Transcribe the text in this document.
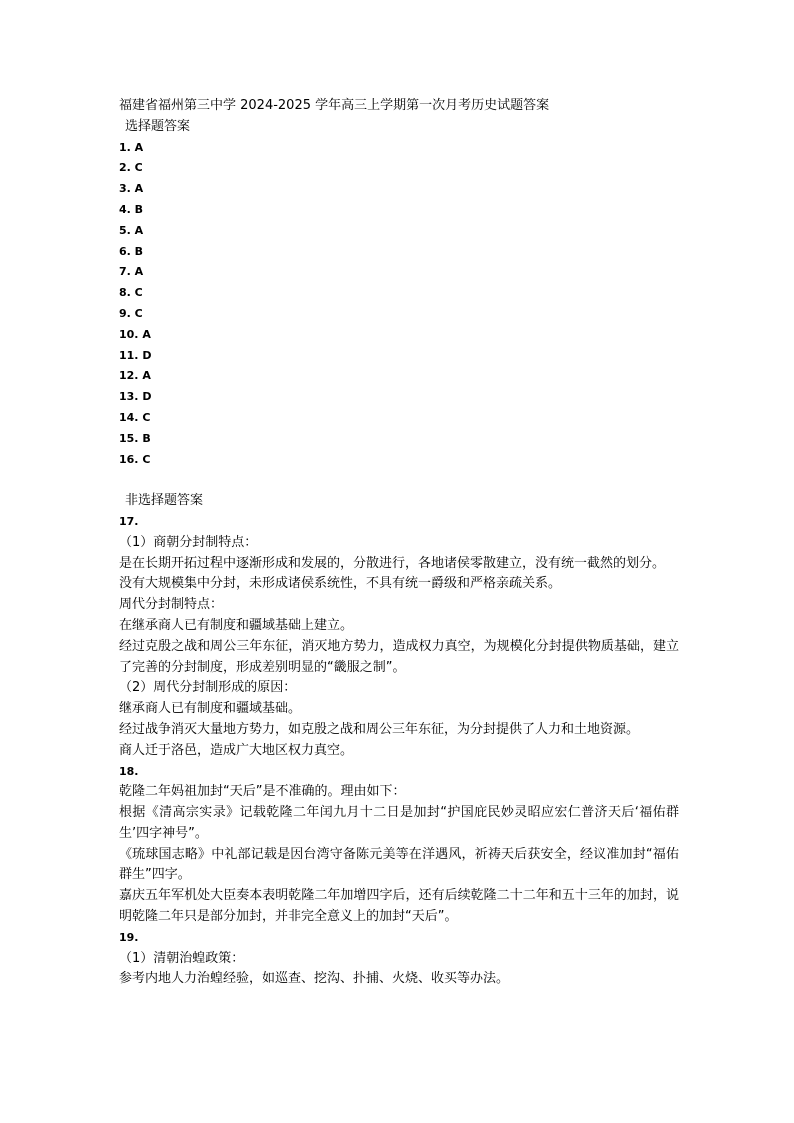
福建省福州第三中学 2024-2025 学年高三上学期第一次月考历史试题答案
选择题答案
1. A
2. C
3. A
4. B
5. A
6. B
7. A
8. C
9. C
10. A
11. D
12. A
13. D
14. C
15. B
16. C
非选择题答案

17.

（1）商朝分封制特点：

是在长期开拓过程中逐渐形成和发展的，分散进行，各地诸侯零散建立，没有统一截然的划分。

没有大规模集中分封，未形成诸侯系统性，不具有统一爵级和严格亲疏关系。

周代分封制特点：

在继承商人已有制度和疆域基础上建立。

经过克殷之战和周公三年东征，消灭地方势力，造成权力真空，为规模化分封提供物质基础，建立了完善的分封制度，形成差别明显的“畿服之制”。

（2）周代分封制形成的原因：

继承商人已有制度和疆域基础。

经过战争消灭大量地方势力，如克殷之战和周公三年东征，为分封提供了人力和土地资源。

商人迁于洛邑，造成广大地区权力真空。

18.

乾隆二年妈祖加封“天后”是不准确的。理由如下：

根据《清高宗实录》记载乾隆二年闰九月十二日是加封“护国庇民妙灵昭应宏仁普济天后‘福佑群生’四字神号”。

《琉球国志略》中礼部记载是因台湾守备陈元美等在洋遇风，祈祷天后获安全，经议准加封“福佑群生”四字。

嘉庆五年军机处大臣奏本表明乾隆二年加增四字后，还有后续乾隆二十二年和五十三年的加封，说明乾隆二年只是部分加封，并非完全意义上的加封“天后”。

19.

（1）清朝治蝗政策：

参考内地人力治蝗经验，如巡查、挖沟、扑捕、火烧、收买等办法。
